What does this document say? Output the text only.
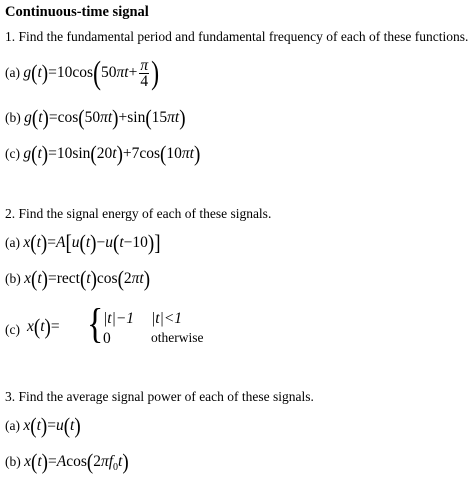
Continuous-time signal
1. Find the fundamental period and fundamental frequency of each of these functions.
(a) $g(t)=10\cos(50\pi t+ \frac{\pi}{4}$ )
(b) g(t)=cos(50πt)+sin(15πt)
(c) g(t)=10sin(20t)+7cos(10πt)
2. Find the signal energy of each of these signals.
(a) x(t)=A[u(t)−u(t−10)]
(b) x(t)=rect(t)cos(2πt)
(c) x(t)= { |t|−1 |t|<1
0	otherwise
3. Find the average signal power of each of these signals.
(a) x(t)=u(t)
(b) $x(t)=Acos(2\pi f_0t)$
